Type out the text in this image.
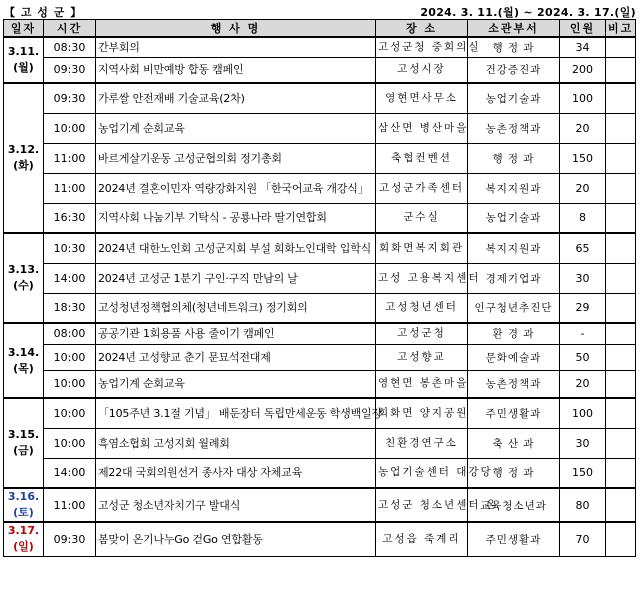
【 고 성 군 】	2024. 3. 11.(월) ~ 2024. 3. 17.(일)
일자	시간	행 사 명	장 소	소관부서	인원	비고

3.11.
(월)	08:30	간부회의	고성군청 중회의실	행 정 과	34	
	09:30	지역사회 비만예방 합동 캠페인	고성시장	건강증진과	200	

3.12.
(화)	09:30	가루쌀 안전재배 기술교육(2차)	영현면사무소	농업기술과	100	
	10:00	농업기계 순회교육	삼산면 병산마을	농촌정책과	20	
	11:00	바르게살기운동 고성군협의회 정기총회	축협컨벤션	행 정 과	150	
	11:00	2024년 결혼이민자 역량강화지원 「한국어교육 개강식」	고성군가족센터	복지지원과	20	
	16:30	지역사회 나눔기부 기탁식 - 공룡나라 딸기연합회	군수실	농업기술과	8	

3.13.
(수)	10:30	2024년 대한노인회 고성군지회 부설 회화노인대학 입학식	회화면복지회관	복지지원과	65	
	14:00	2024년 고성군 1분기 구인·구직 만남의 날	고성 고용복지센터	경제기업과	30	
	18:30	고성청년정책협의체(청년네트워크) 정기회의	고성청년센터	인구청년추진단	29	

3.14.
(목)	08:00	공공기관 1회용품 사용 줄이기 캠페인	고성군청	환 경 과	-	
	10:00	2024년 고성향교 춘기 문묘석전대제	고성향교	문화예술과	50	
	10:00	농업기계 순회교육	영현면 봉촌마을	농촌정책과	20	

3.15.
(금)	10:00	「105주년 3.1절 기념」 배둔장터 독립만세운동 학생백일장	회화면 양지공원	주민생활과	100	
	10:00	흑염소협회 고성지회 월례회	친환경연구소	축 산 과	30	
	14:00	제22대 국회의원선거 종사자 대상 자체교육	농업기술센터 대강당	행 정 과	150	

3.16.
(토)	11:00	고성군 청소년자치기구 발대식	고성군 청소년센터 온	교육청소년과	80	

3.17.
(일)	09:30	봄맞이 온기나누Go 걷Go 연합활동	고성읍 죽계리	주민생활과	70	
